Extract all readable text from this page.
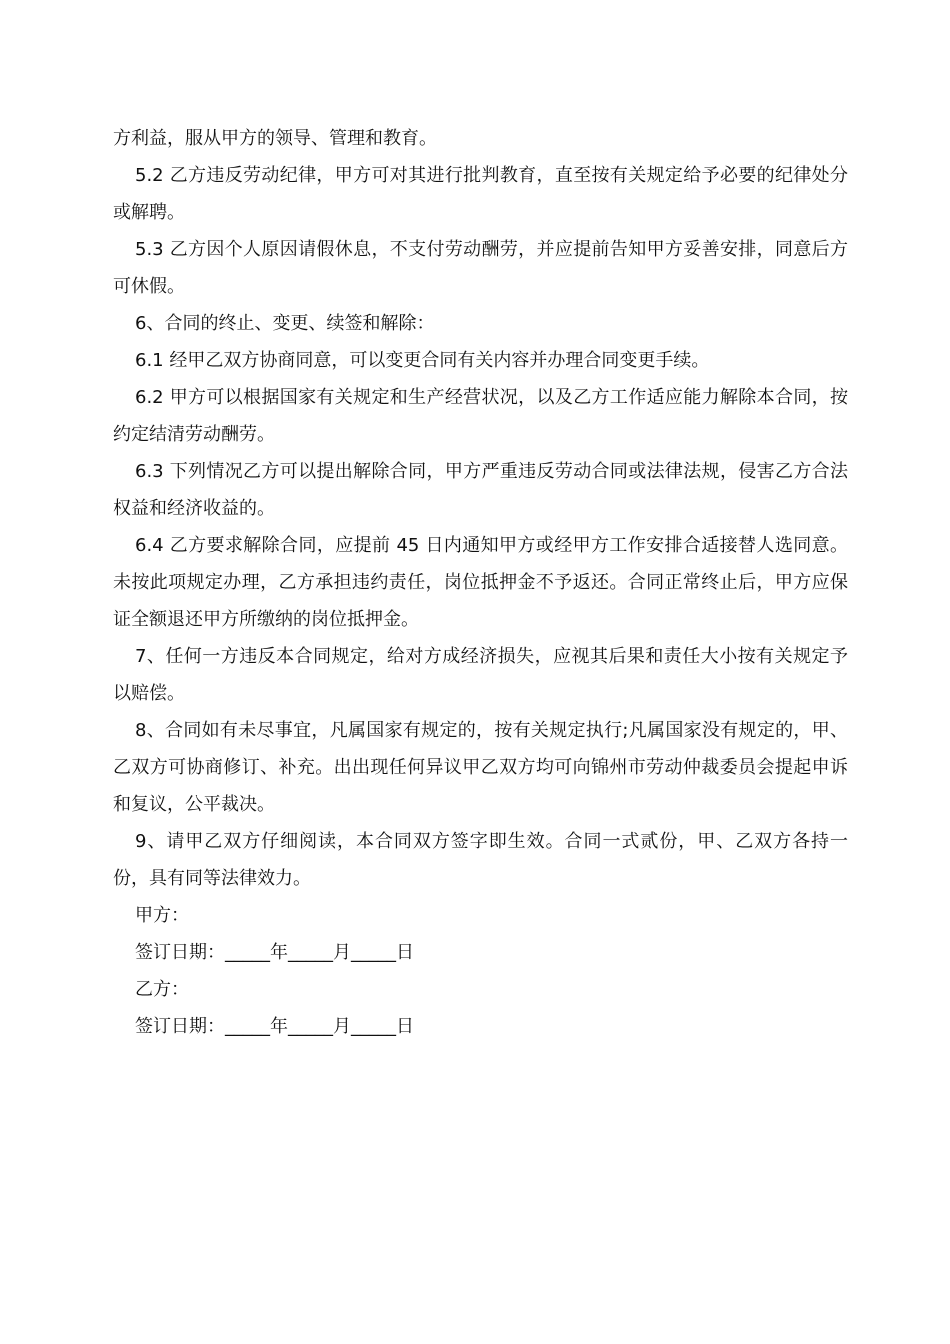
方利益，服从甲方的领导、管理和教育。

5.2 乙方违反劳动纪律，甲方可对其进行批判教育，直至按有关规定给予必要的纪律处分或解聘。

5.3 乙方因个人原因请假休息，不支付劳动酬劳，并应提前告知甲方妥善安排，同意后方可休假。

6、合同的终止、变更、续签和解除：

6.1 经甲乙双方协商同意，可以变更合同有关内容并办理合同变更手续。

6.2 甲方可以根据国家有关规定和生产经营状况，以及乙方工作适应能力解除本合同，按约定结清劳动酬劳。

6.3 下列情况乙方可以提出解除合同，甲方严重违反劳动合同或法律法规，侵害乙方合法权益和经济收益的。

6.4 乙方要求解除合同，应提前 45 日内通知甲方或经甲方工作安排合适接替人选同意。未按此项规定办理，乙方承担违约责任，岗位抵押金不予返还。合同正常终止后，甲方应保证全额退还甲方所缴纳的岗位抵押金。

7、任何一方违反本合同规定，给对方成经济损失，应视其后果和责任大小按有关规定予以赔偿。

8、合同如有未尽事宜，凡属国家有规定的，按有关规定执行;凡属国家没有规定的，甲、乙双方可协商修订、补充。出出现任何异议甲乙双方均可向锦州市劳动仲裁委员会提起申诉和复议，公平裁决。

9、请甲乙双方仔细阅读，本合同双方签字即生效。合同一式贰份，甲、乙双方各持一份，具有同等法律效力。

甲方：

签订日期：_____年_____月_____日

乙方：

签订日期：_____年_____月_____日
